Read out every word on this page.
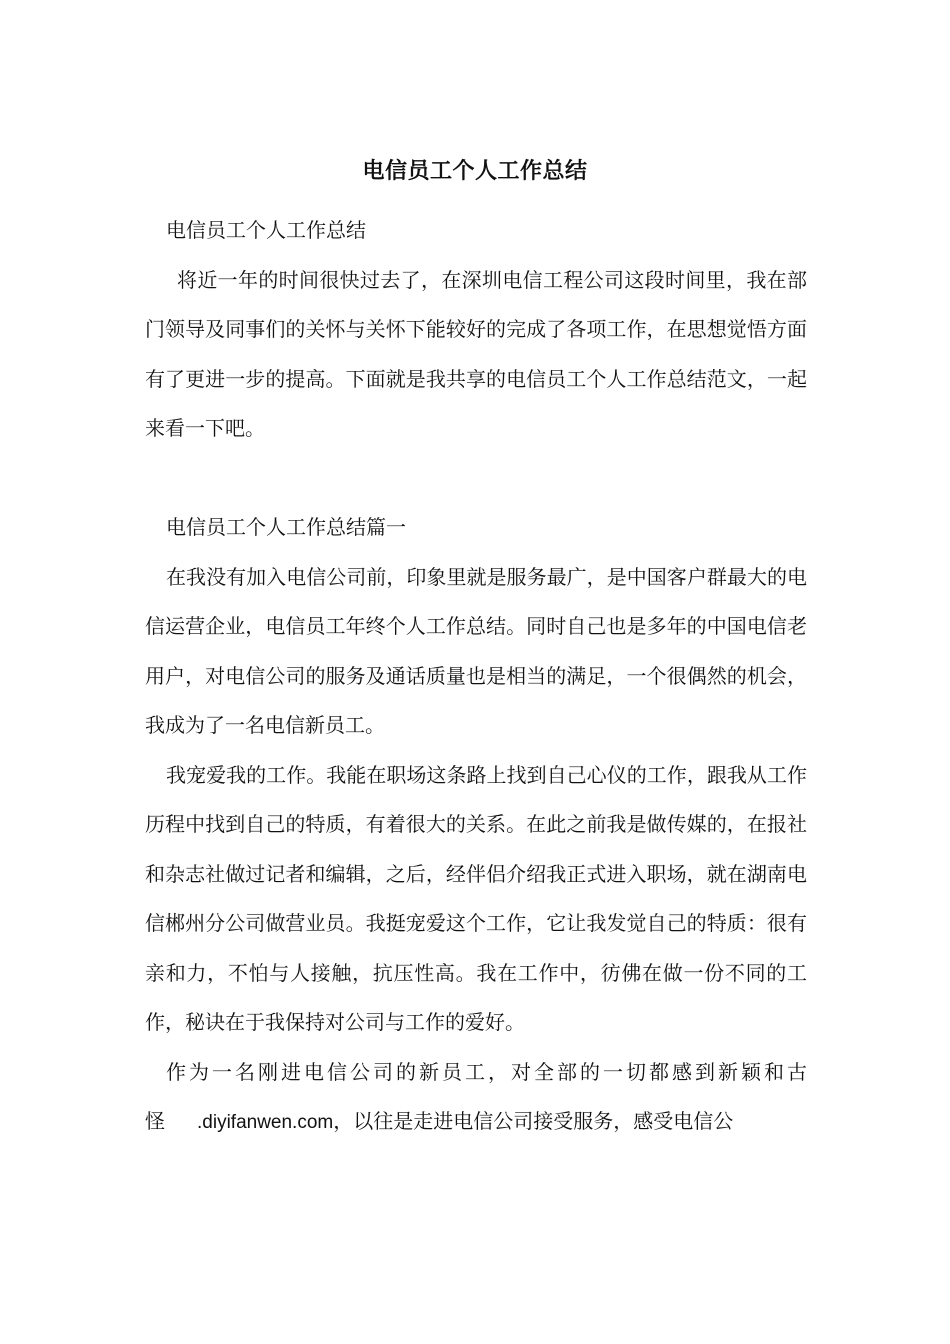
电信员工个人工作总结

电信员工个人工作总结

将近一年的时间很快过去了，在深圳电信工程公司这段时间里，我在部门领导及同事们的关怀与关怀下能较好的完成了各项工作，在思想觉悟方面有了更进一步的提高。下面就是我共享的电信员工个人工作总结范文，一起来看一下吧。

电信员工个人工作总结篇一

在我没有加入电信公司前，印象里就是服务最广，是中国客户群最大的电信运营企业，电信员工年终个人工作总结。同时自己也是多年的中国电信老用户，对电信公司的服务及通话质量也是相当的满足，一个很偶然的机会，我成为了一名电信新员工。

我宠爱我的工作。我能在职场这条路上找到自己心仪的工作，跟我从工作历程中找到自己的特质，有着很大的关系。在此之前我是做传媒的，在报社和杂志社做过记者和编辑，之后，经伴侣介绍我正式进入职场，就在湖南电信郴州分公司做营业员。我挺宠爱这个工作，它让我发觉自己的特质：很有亲和力，不怕与人接触，抗压性高。我在工作中，彷佛在做一份不同的工作，秘诀在于我保持对公司与工作的爱好。

作为一名刚进电信公司的新员工，对全部的一切都感到新颖和古怪 .diyifanwen.com，以往是走进电信公司接受服务，感受电信公
